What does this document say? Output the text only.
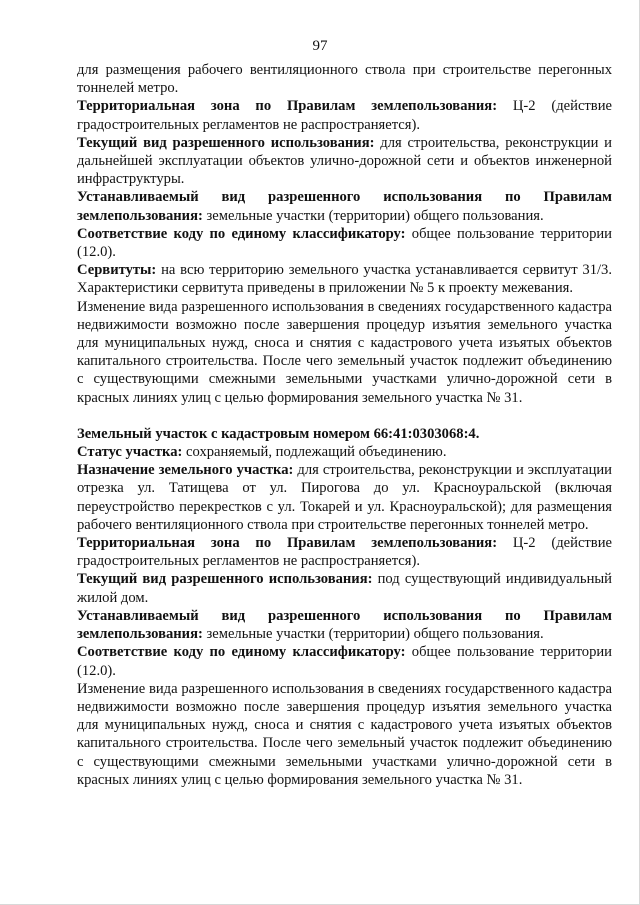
97

для размещения рабочего вентиляционного ствола при строительстве перегонных тоннелей метро.

Территориальная зона по Правилам землепользования: Ц-2 (действие градостроительных регламентов не распространяется).

Текущий вид разрешенного использования: для строительства, реконструкции и дальнейшей эксплуатации объектов улично-дорожной сети и объектов инженерной инфраструктуры.

Устанавливаемый вид разрешенного использования по Правилам землепользования: земельные участки (территории) общего пользования.

Соответствие коду по единому классификатору: общее пользование территории (12.0).

Сервитуты: на всю территорию земельного участка устанавливается сервитут 31/3. Характеристики сервитута приведены в приложении № 5 к проекту межевания.

Изменение вида разрешенного использования в сведениях государственного кадастра недвижимости возможно после завершения процедур изъятия земельного участка для муниципальных нужд, сноса и снятия с кадастрового учета изъятых объектов капитального строительства. После чего земельный участок подлежит объединению с существующими смежными земельными участками улично-дорожной сети в красных линиях улиц с целью формирования земельного участка № 31.

Земельный участок с кадастровым номером 66:41:0303068:4.

Статус участка: сохраняемый, подлежащий объединению.

Назначение земельного участка: для строительства, реконструкции и эксплуатации отрезка ул. Татищева от ул. Пирогова до ул. Красноуральской (включая переустройство перекрестков с ул. Токарей и ул. Красноуральской); для размещения рабочего вентиляционного ствола при строительстве перегонных тоннелей метро.

Территориальная зона по Правилам землепользования: Ц-2 (действие градостроительных регламентов не распространяется).

Текущий вид разрешенного использования: под существующий индивидуальный жилой дом.

Устанавливаемый вид разрешенного использования по Правилам землепользования: земельные участки (территории) общего пользования.

Соответствие коду по единому классификатору: общее пользование территории (12.0).

Изменение вида разрешенного использования в сведениях государственного кадастра недвижимости возможно после завершения процедур изъятия земельного участка для муниципальных нужд, сноса и снятия с кадастрового учета изъятых объектов капитального строительства. После чего земельный участок подлежит объединению с существующими смежными земельными участками улично-дорожной сети в красных линиях улиц с целью формирования земельного участка № 31.
